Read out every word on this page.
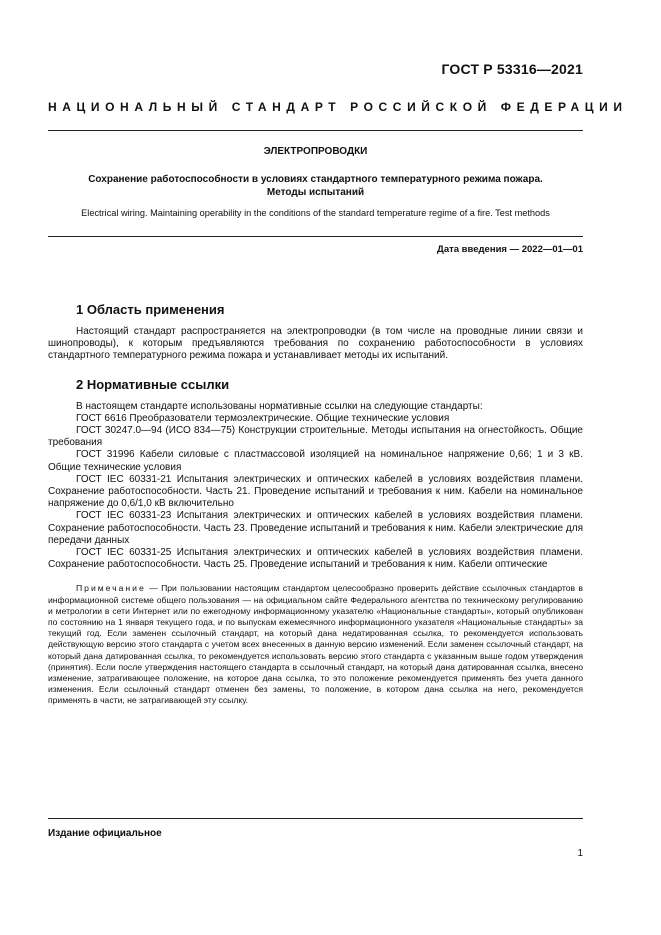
ГОСТ Р 53316—2021
НАЦИОНАЛЬНЫЙ СТАНДАРТ РОССИЙСКОЙ ФЕДЕРАЦИИ
ЭЛЕКТРОПРОВОДКИ
Сохранение работоспособности в условиях стандартного температурного режима пожара.
Методы испытаний
Electrical wiring. Maintaining operability in the conditions of the standard temperature regime of a fire. Test methods
Дата введения — 2022—01—01
1 Область применения

Настоящий стандарт распространяется на электропроводки (в том числе на проводные линии связи и шинопроводы), к которым предъявляются требования по сохранению работоспособности в условиях стандартного температурного режима пожара и устанавливает методы их испытаний.

2 Нормативные ссылки

В настоящем стандарте использованы нормативные ссылки на следующие стандарты:

ГОСТ 6616 Преобразователи термоэлектрические. Общие технические условия

ГОСТ 30247.0—94 (ИСО 834—75) Конструкции строительные. Методы испытания на огнестойкость. Общие требования

ГОСТ 31996 Кабели силовые с пластмассовой изоляцией на номинальное напряжение 0,66; 1 и 3 кВ. Общие технические условия

ГОСТ IEC 60331-21 Испытания электрических и оптических кабелей в условиях воздействия пламени. Сохранение работоспособности. Часть 21. Проведение испытаний и требования к ним. Кабели на номинальное напряжение до 0,6/1,0 кВ включительно

ГОСТ IEC 60331-23 Испытания электрических и оптических кабелей в условиях воздействия пламени. Сохранение работоспособности. Часть 23. Проведение испытаний и требования к ним. Кабели электрические для передачи данных

ГОСТ IEC 60331-25 Испытания электрических и оптических кабелей в условиях воздействия пламени. Сохранение работоспособности. Часть 25. Проведение испытаний и требования к ним. Кабели оптические

Примечание — При пользовании настоящим стандартом целесообразно проверить действие ссылочных стандартов в информационной системе общего пользования — на официальном сайте Федерального агентства по техническому регулированию и метрологии в сети Интернет или по ежегодному информационному указателю «Национальные стандарты», который опубликован по состоянию на 1 января текущего года, и по выпускам ежемесячного информационного указателя «Национальные стандарты» за текущий год. Если заменен ссылочный стандарт, на который дана недатированная ссылка, то рекомендуется использовать действующую версию этого стандарта с учетом всех внесенных в данную версию изменений. Если заменен ссылочный стандарт, на который дана датированная ссылка, то рекомендуется использовать версию этого стандарта с указанным выше годом утверждения (принятия). Если после утверждения настоящего стандарта в ссылочный стандарт, на который дана датированная ссылка, внесено изменение, затрагивающее положение, на которое дана ссылка, то это положение рекомендуется применять без учета данного изменения. Если ссылочный стандарт отменен без замены, то положение, в котором дана ссылка на него, рекомендуется применять в части, не затрагивающей эту ссылку.

Издание официальное
1
